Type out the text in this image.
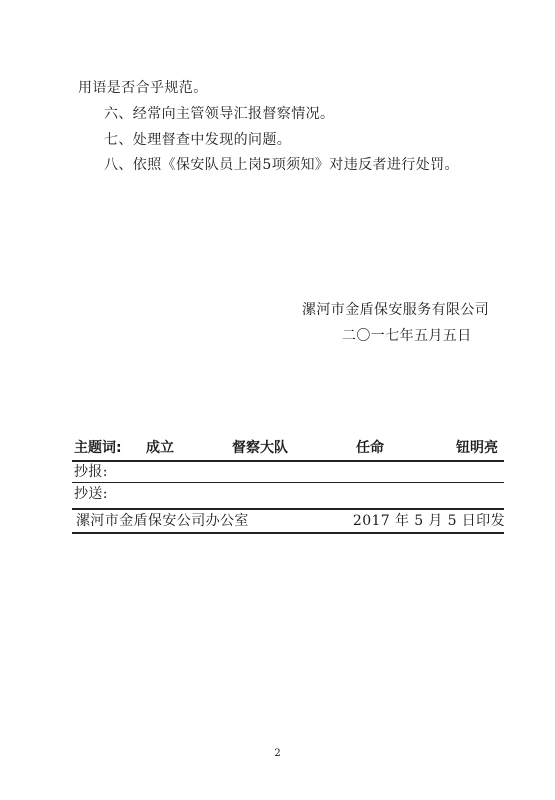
用语是否合乎规范。
六、经常向主管领导汇报督察情况。
七、处理督查中发现的问题。
八、依照《保安队员上岗5项须知》对违反者进行处罚。
漯河市金盾保安服务有限公司
二〇一七年五月五日
主题词: 成立	督察大队	任命	钮明亮
抄报:
抄送:
漯河市金盾保安公司办公室	2017 年 5 月 5 日印发
2
